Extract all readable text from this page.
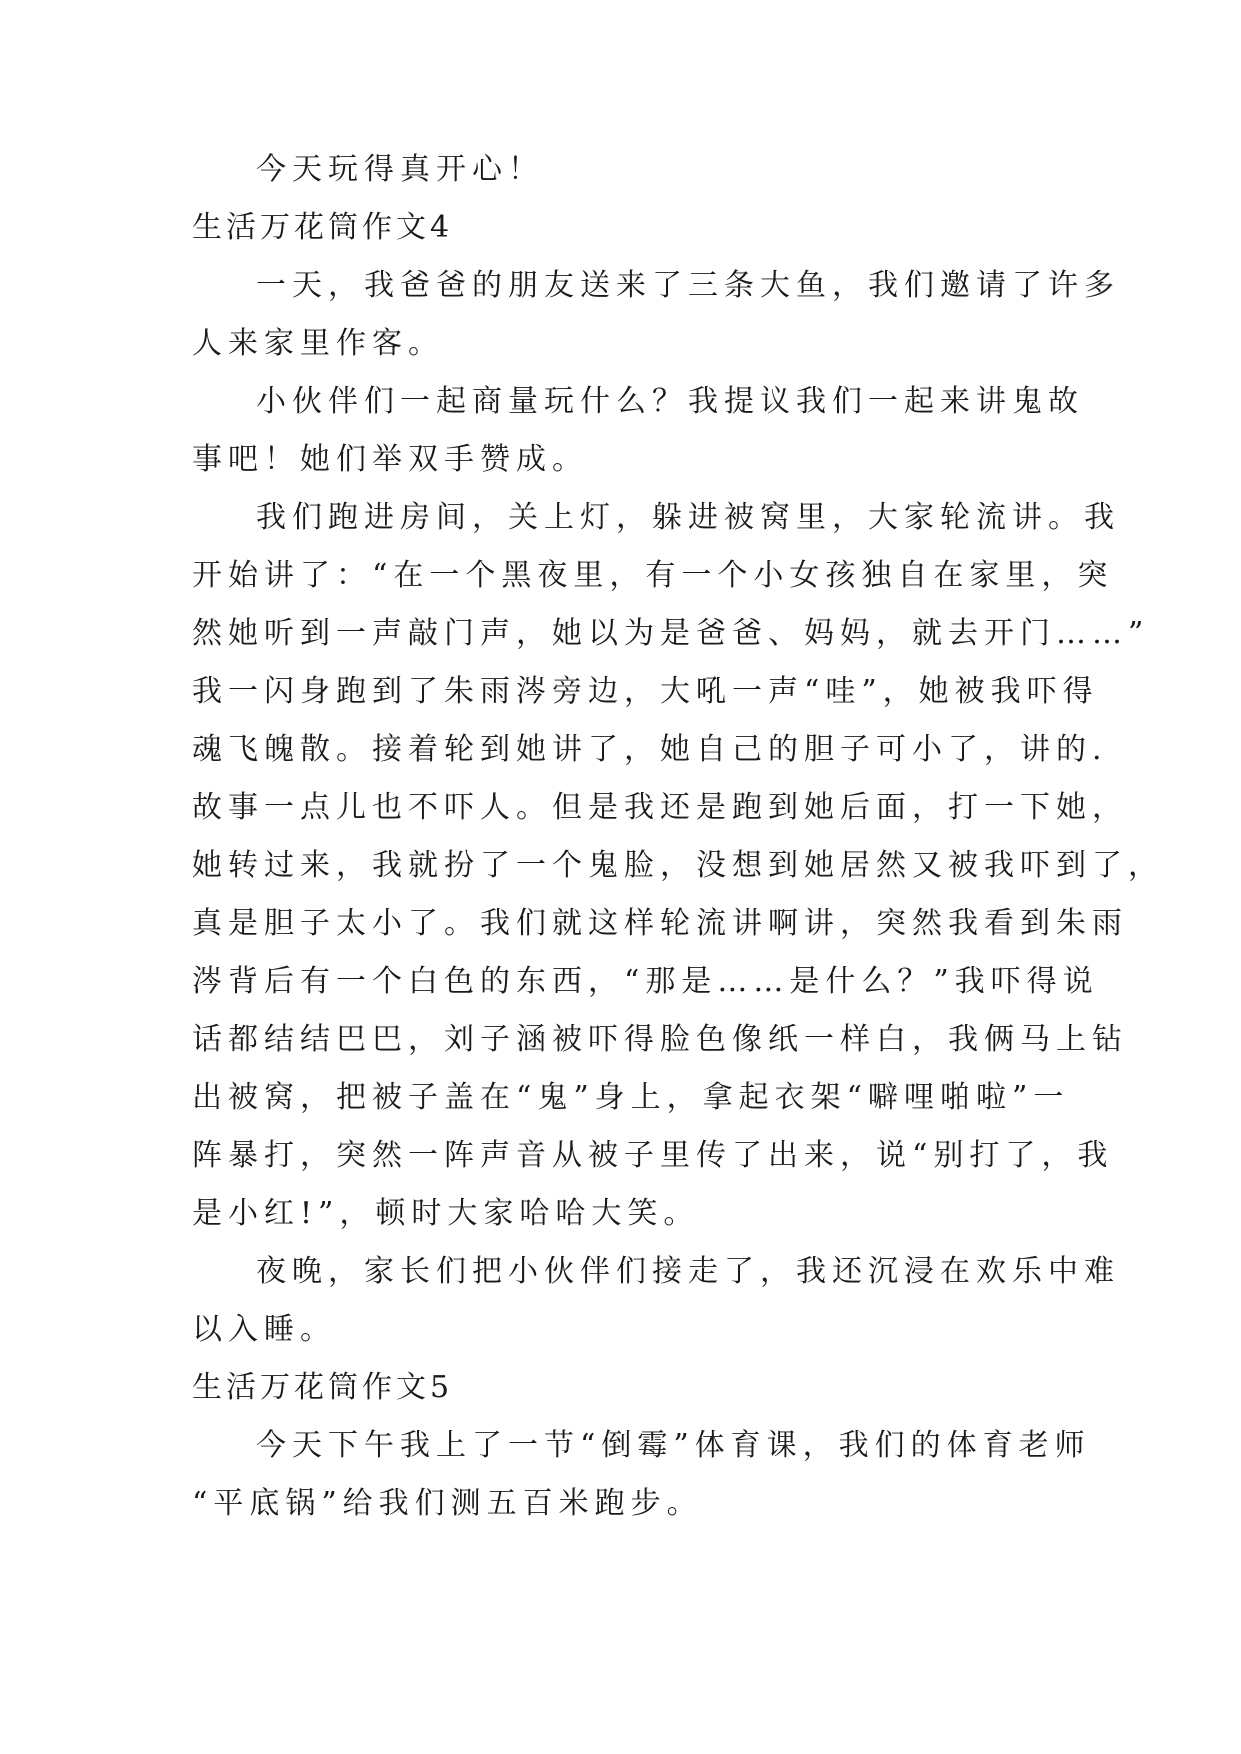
今天玩得真开心！
生活万花筒作文4
一天，我爸爸的朋友送来了三条大鱼，我们邀请了许多
人来家里作客。
小伙伴们一起商量玩什么？我提议我们一起来讲鬼故
事吧！她们举双手赞成。
我们跑进房间，关上灯，躲进被窝里，大家轮流讲。我
开始讲了：“在一个黑夜里，有一个小女孩独自在家里，突
然她听到一声敲门声，她以为是爸爸、妈妈，就去开门……”
我一闪身跑到了朱雨涔旁边，大吼一声“哇”，她被我吓得
魂飞魄散。接着轮到她讲了，她自己的胆子可小了，讲的.
故事一点儿也不吓人。但是我还是跑到她后面，打一下她，
她转过来，我就扮了一个鬼脸，没想到她居然又被我吓到了，
真是胆子太小了。我们就这样轮流讲啊讲，突然我看到朱雨
涔背后有一个白色的东西，“那是……是什么？”我吓得说
话都结结巴巴，刘子涵被吓得脸色像纸一样白，我俩马上钻
出被窝，把被子盖在“鬼”身上，拿起衣架“噼哩啪啦”一
阵暴打，突然一阵声音从被子里传了出来，说“别打了，我
是小红!”，顿时大家哈哈大笑。
夜晚，家长们把小伙伴们接走了，我还沉浸在欢乐中难
以入睡。
生活万花筒作文5
今天下午我上了一节“倒霉”体育课，我们的体育老师
“平底锅”给我们测五百米跑步。
